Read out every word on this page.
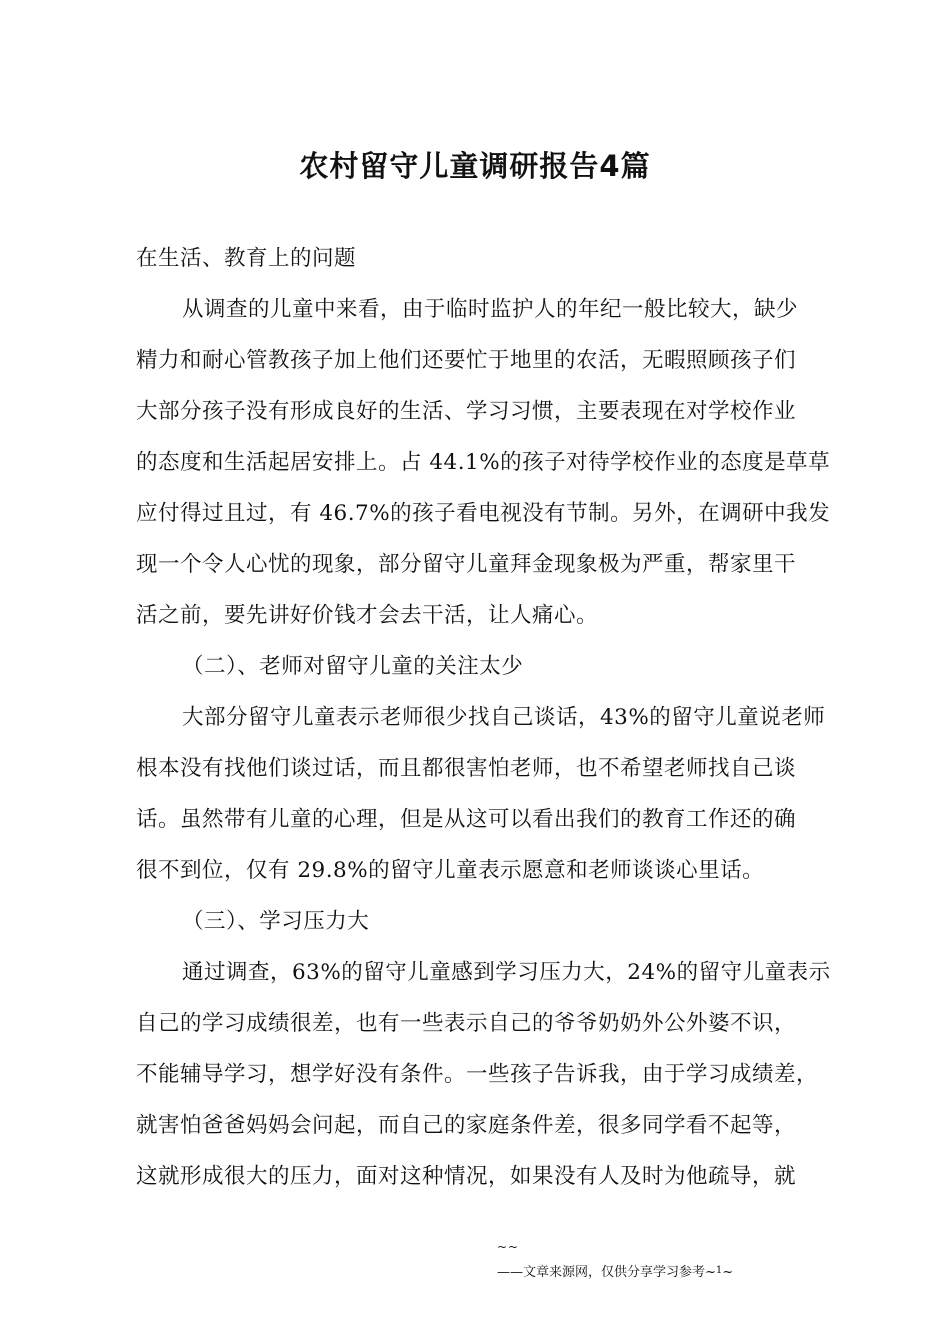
农村留守儿童调研报告4篇
在生活、教育上的问题
从调查的儿童中来看，由于临时监护人的年纪一般比较大，缺少
精力和耐心管教孩子加上他们还要忙于地里的农活，无暇照顾孩子们
大部分孩子没有形成良好的生活、学习习惯，主要表现在对学校作业
的态度和生活起居安排上。占 44.1%的孩子对待学校作业的态度是草草
应付得过且过，有 46.7%的孩子看电视没有节制。另外，在调研中我发
现一个令人心忧的现象，部分留守儿童拜金现象极为严重，帮家里干
活之前，要先讲好价钱才会去干活，让人痛心。
（二）、老师对留守儿童的关注太少
大部分留守儿童表示老师很少找自己谈话，43%的留守儿童说老师
根本没有找他们谈过话，而且都很害怕老师，也不希望老师找自己谈
话。虽然带有儿童的心理，但是从这可以看出我们的教育工作还的确
很不到位，仅有 29.8%的留守儿童表示愿意和老师谈谈心里话。
（三）、学习压力大
通过调查，63%的留守儿童感到学习压力大，24%的留守儿童表示
自己的学习成绩很差，也有一些表示自己的爷爷奶奶外公外婆不识，
不能辅导学习，想学好没有条件。一些孩子告诉我，由于学习成绩差，
就害怕爸爸妈妈会问起，而自己的家庭条件差，很多同学看不起等，
这就形成很大的压力，面对这种情况，如果没有人及时为他疏导，就
~~
——文章来源网，仅供分享学习参考~$^1$~
